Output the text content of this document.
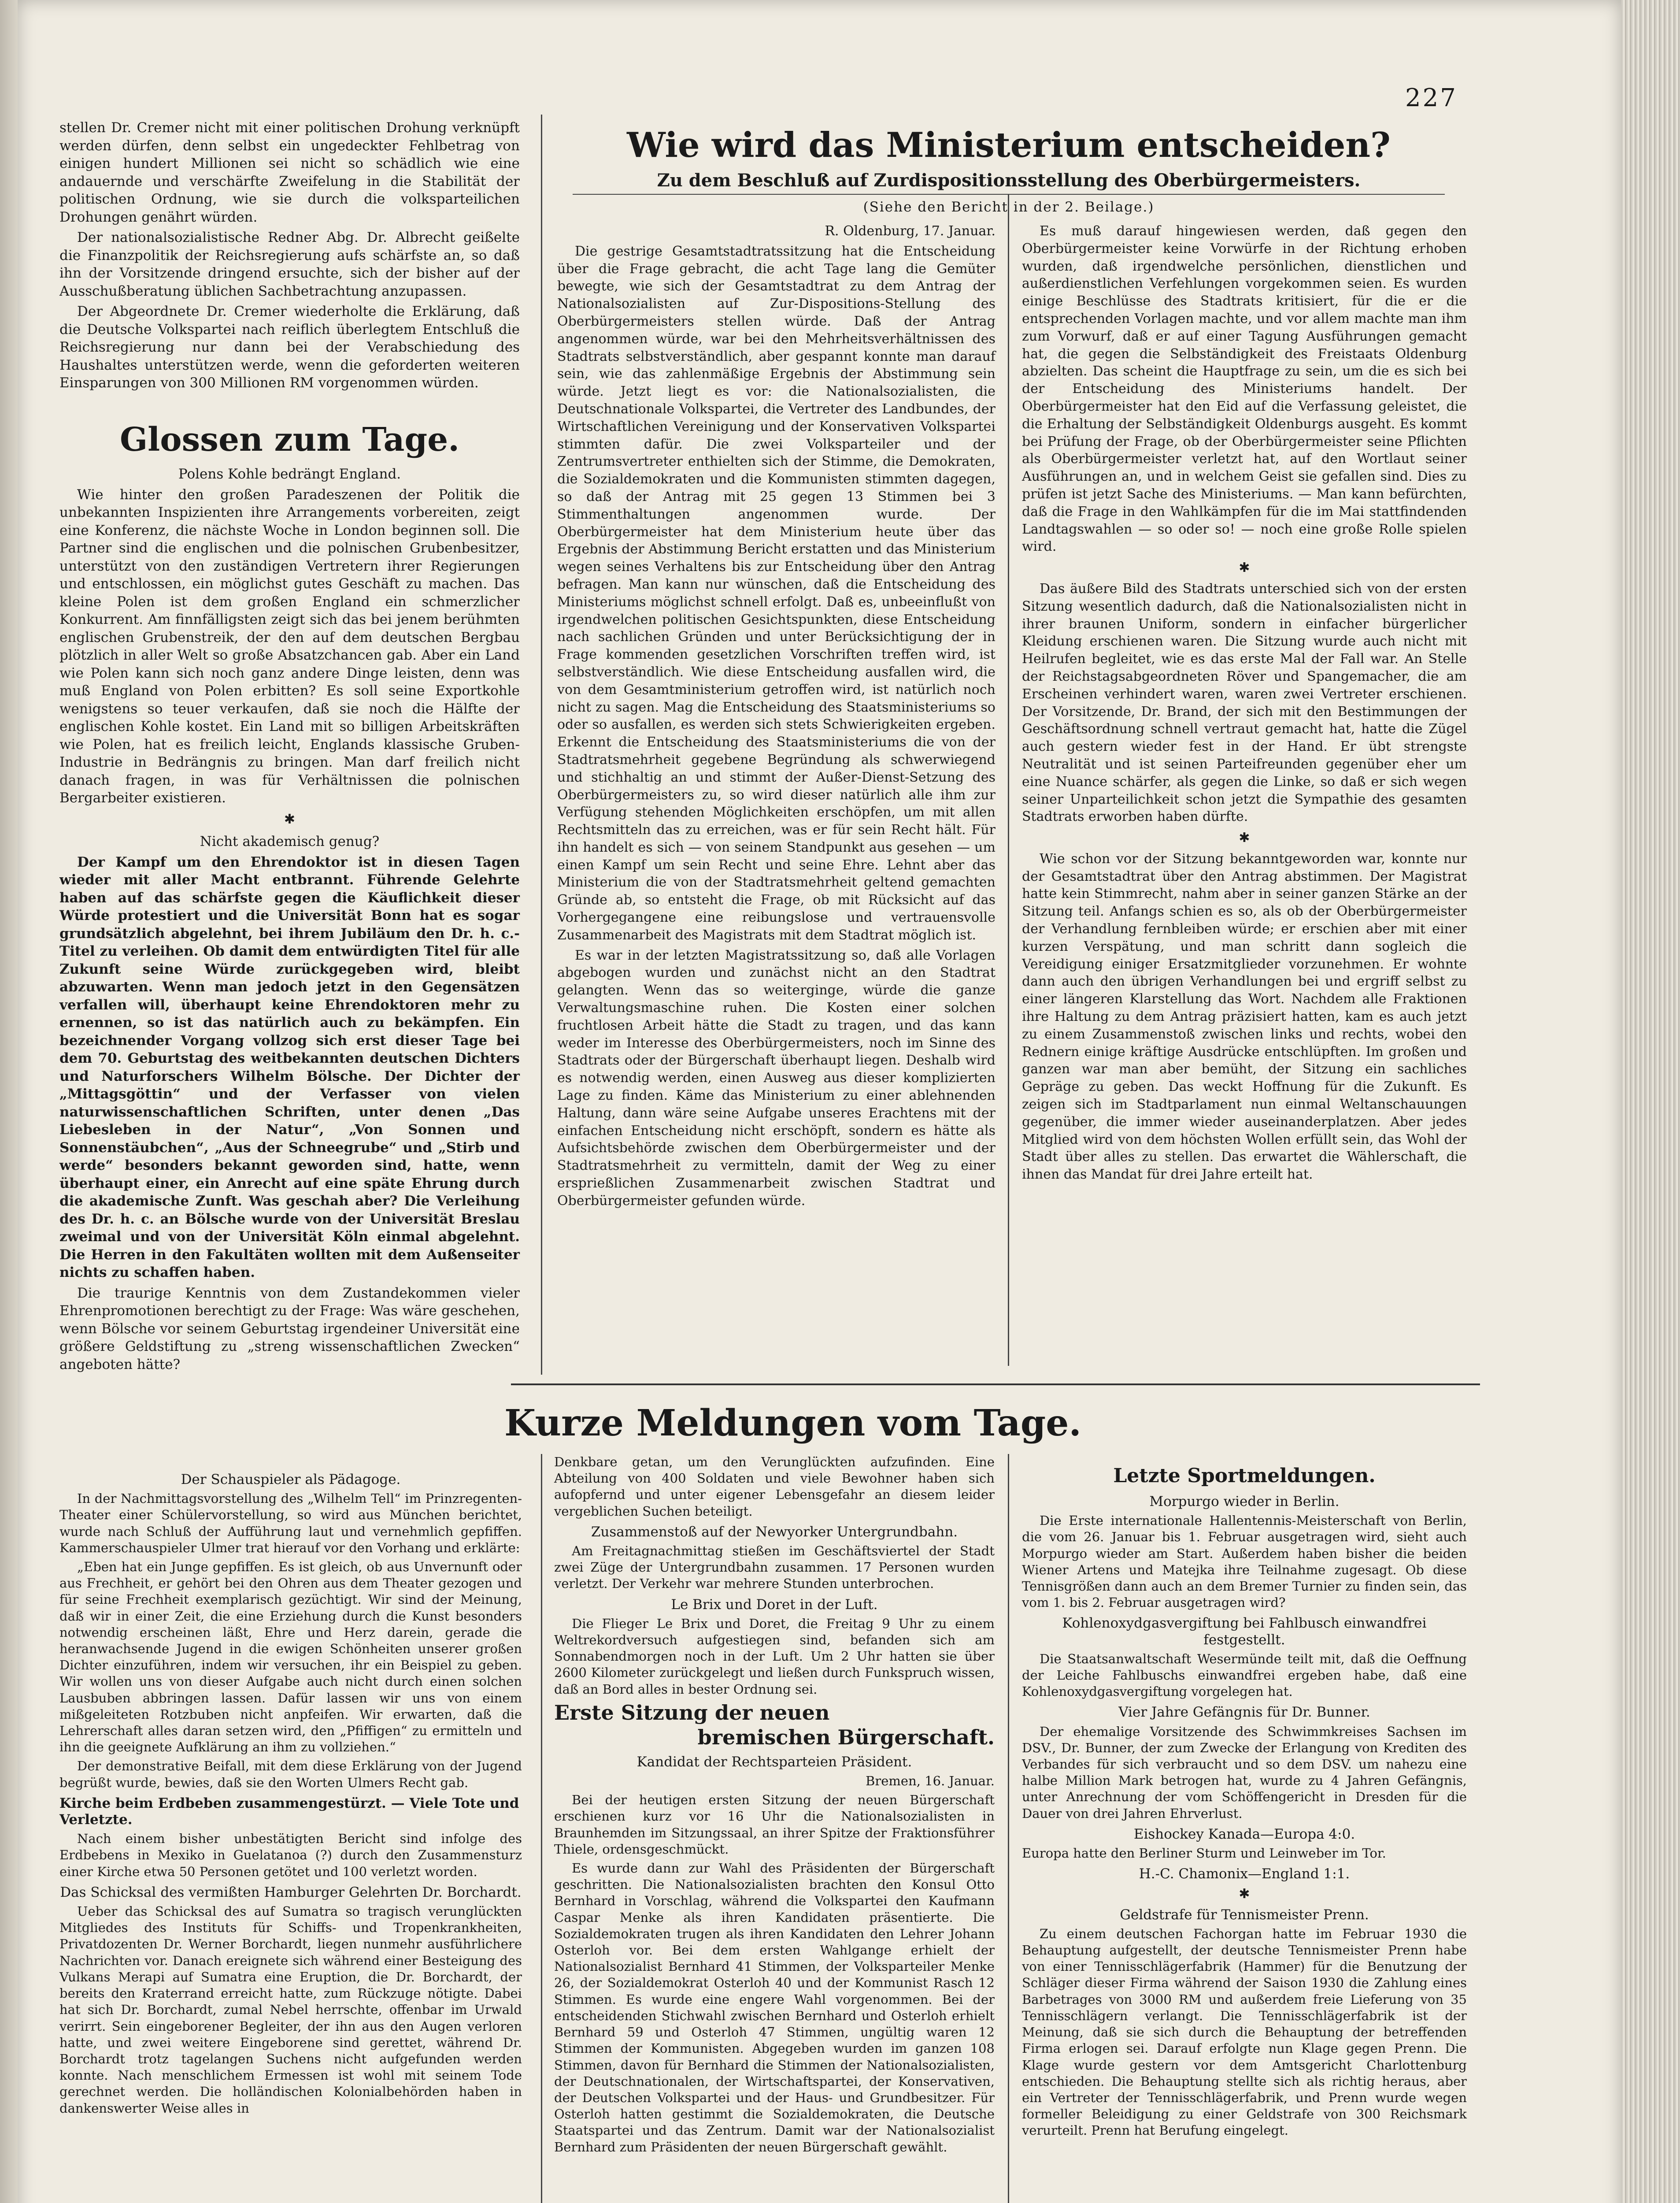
227

stellen Dr. Cremer nicht mit einer politischen Drohung verknüpft werden dürfen, denn selbst ein ungedeckter Fehlbetrag von einigen hundert Millionen sei nicht so schädlich wie eine andauernde und verschärfte Zweifelung in die Stabilität der politischen Ordnung, wie sie durch die volksparteilichen Drohungen genährt würden.

Der nationalsozialistische Redner Abg. Dr. Albrecht geißelte die Finanzpolitik der Reichsregierung aufs schärfste an, so daß ihn der Vorsitzende dringend ersuchte, sich der bisher auf der Ausschußberatung üblichen Sachbetrachtung anzupassen.

Der Abgeordnete Dr. Cremer wiederholte die Erklärung, daß die Deutsche Volkspartei nach reiflich überlegtem Entschluß die Reichsregierung nur dann bei der Verabschiedung des Haushaltes unterstützen werde, wenn die geforderten weiteren Einsparungen von 300 Millionen RM vorgenommen würden.

Glossen zum Tage.
Polens Kohle bedrängt England.

Wie hinter den großen Paradeszenen der Politik die unbekannten Inspizienten ihre Arrangements vorbereiten, zeigt eine Konferenz, die nächste Woche in London beginnen soll. Die Partner sind die englischen und die polnischen Grubenbesitzer, unterstützt von den zuständigen Vertretern ihrer Regierungen und entschlossen, ein möglichst gutes Geschäft zu machen. Das kleine Polen ist dem großen England ein schmerzlicher Konkurrent. Am finnfälligsten zeigt sich das bei jenem berühmten englischen Grubenstreik, der den auf dem deutschen Bergbau plötzlich in aller Welt so große Absatzchancen gab. Aber ein Land wie Polen kann sich noch ganz andere Dinge leisten, denn was muß England von Polen erbitten? Es soll seine Exportkohle wenigstens so teuer verkaufen, daß sie noch die Hälfte der englischen Kohle kostet. Ein Land mit so billigen Arbeitskräften wie Polen, hat es freilich leicht, Englands klassische Gruben-Industrie in Bedrängnis zu bringen. Man darf freilich nicht danach fragen, in was für Verhältnissen die polnischen Bergarbeiter existieren.

✱
Nicht akademisch genug?

Der Kampf um den Ehrendoktor ist in diesen Tagen wieder mit aller Macht entbrannt. Führende Gelehrte haben auf das schärfste gegen die Käuflichkeit dieser Würde protestiert und die Universität Bonn hat es sogar grundsätzlich abgelehnt, bei ihrem Jubiläum den Dr. h. c.-Titel zu verleihen. Ob damit dem entwürdigten Titel für alle Zukunft seine Würde zurückgegeben wird, bleibt abzuwarten. Wenn man jedoch jetzt in den Gegensätzen verfallen will, überhaupt keine Ehrendoktoren mehr zu ernennen, so ist das natürlich auch zu bekämpfen. Ein bezeichnender Vorgang vollzog sich erst dieser Tage bei dem 70. Geburtstag des weitbekannten deutschen Dichters und Naturforschers Wilhelm Bölsche. Der Dichter der „Mittagsgöttin“ und der Verfasser von vielen naturwissenschaftlichen Schriften, unter denen „Das Liebesleben in der Natur“, „Von Sonnen und Sonnenstäubchen“, „Aus der Schneegrube“ und „Stirb und werde“ besonders bekannt geworden sind, hatte, wenn überhaupt einer, ein Anrecht auf eine späte Ehrung durch die akademische Zunft. Was geschah aber? Die Verleihung des Dr. h. c. an Bölsche wurde von der Universität Breslau zweimal und von der Universität Köln einmal abgelehnt. Die Herren in den Fakultäten wollten mit dem Außenseiter nichts zu schaffen haben.

Die traurige Kenntnis von dem Zustandekommen vieler Ehrenpromotionen berechtigt zu der Frage: Was wäre geschehen, wenn Bölsche vor seinem Geburtstag irgendeiner Universität eine größere Geldstiftung zu „streng wissenschaftlichen Zwecken“ angeboten hätte?

Wie wird das Ministerium entscheiden?
Zu dem Beschluß auf Zurdispositionsstellung des Oberbürgermeisters.
(Siehe den Bericht in der 2. Beilage.)

R. Oldenburg, 17. Januar.

Die gestrige Gesamtstadtratssitzung hat die Entscheidung über die Frage gebracht, die acht Tage lang die Gemüter bewegte, wie sich der Gesamtstadtrat zu dem Antrag der Nationalsozialisten auf Zur-Dispositions-Stellung des Oberbürgermeisters stellen würde. Daß der Antrag angenommen würde, war bei den Mehrheitsverhältnissen des Stadtrats selbstverständlich, aber gespannt konnte man darauf sein, wie das zahlenmäßige Ergebnis der Abstimmung sein würde. Jetzt liegt es vor: die Nationalsozialisten, die Deutschnationale Volkspartei, die Vertreter des Landbundes, der Wirtschaftlichen Vereinigung und der Konservativen Volkspartei stimmten dafür. Die zwei Volksparteiler und der Zentrumsvertreter enthielten sich der Stimme, die Demokraten, die Sozialdemokraten und die Kommunisten stimmten dagegen, so daß der Antrag mit 25 gegen 13 Stimmen bei 3 Stimmenthaltungen angenommen wurde. Der Oberbürgermeister hat dem Ministerium heute über das Ergebnis der Abstimmung Bericht erstatten und das Ministerium wegen seines Verhaltens bis zur Entscheidung über den Antrag befragen. Man kann nur wünschen, daß die Entscheidung des Ministeriums möglichst schnell erfolgt. Daß es, unbeeinflußt von irgendwelchen politischen Gesichtspunkten, diese Entscheidung nach sachlichen Gründen und unter Berücksichtigung der in Frage kommenden gesetzlichen Vorschriften treffen wird, ist selbstverständlich. Wie diese Entscheidung ausfallen wird, die von dem Gesamtministerium getroffen wird, ist natürlich noch nicht zu sagen. Mag die Entscheidung des Staatsministeriums so oder so ausfallen, es werden sich stets Schwierigkeiten ergeben. Erkennt die Entscheidung des Staatsministeriums die von der Stadtratsmehrheit gegebene Begründung als schwerwiegend und stichhaltig an und stimmt der Außer-Dienst-Setzung des Oberbürgermeisters zu, so wird dieser natürlich alle ihm zur Verfügung stehenden Möglichkeiten erschöpfen, um mit allen Rechtsmitteln das zu erreichen, was er für sein Recht hält. Für ihn handelt es sich — von seinem Standpunkt aus gesehen — um einen Kampf um sein Recht und seine Ehre. Lehnt aber das Ministerium die von der Stadtratsmehrheit geltend gemachten Gründe ab, so entsteht die Frage, ob mit Rücksicht auf das Vorhergegangene eine reibungslose und vertrauensvolle Zusammenarbeit des Magistrats mit dem Stadtrat möglich ist.

Es war in der letzten Magistratssitzung so, daß alle Vorlagen abgebogen wurden und zunächst nicht an den Stadtrat gelangten. Wenn das so weitergingе, würde die ganze Verwaltungsmaschine ruhen. Die Kosten einer solchen fruchtlosen Arbeit hätte die Stadt zu tragen, und das kann weder im Interesse des Oberbürgermeisters, noch im Sinne des Stadtrats oder der Bürgerschaft überhaupt liegen. Deshalb wird es notwendig werden, einen Ausweg aus dieser komplizierten Lage zu finden. Käme das Ministerium zu einer ablehnenden Haltung, dann wäre seine Aufgabe unseres Erachtens mit der einfachen Entscheidung nicht erschöpft, sondern es hätte als Aufsichtsbehörde zwischen dem Oberbürgermeister und der Stadtratsmehrheit zu vermitteln, damit der Weg zu einer ersprießlichen Zusammenarbeit zwischen Stadtrat und Oberbürgermeister gefunden würde.

Es muß darauf hingewiesen werden, daß gegen den Oberbürgermeister keine Vorwürfe in der Richtung erhoben wurden, daß irgendwelche persönlichen, dienstlichen und außerdienstlichen Verfehlungen vorgekommen seien. Es wurden einige Beschlüsse des Stadtrats kritisiert, für die er die entsprechenden Vorlagen machte, und vor allem machte man ihm zum Vorwurf, daß er auf einer Tagung Ausführungen gemacht hat, die gegen die Selbständigkeit des Freistaats Oldenburg abzielten. Das scheint die Hauptfrage zu sein, um die es sich bei der Entscheidung des Ministeriums handelt. Der Oberbürgermeister hat den Eid auf die Verfassung geleistet, die die Erhaltung der Selbständigkeit Oldenburgs ausgeht. Es kommt bei Prüfung der Frage, ob der Oberbürgermeister seine Pflichten als Oberbürgermeister verletzt hat, auf den Wortlaut seiner Ausführungen an, und in welchem Geist sie gefallen sind. Dies zu prüfen ist jetzt Sache des Ministeriums. — Man kann befürchten, daß die Frage in den Wahlkämpfen für die im Mai stattfindenden Landtagswahlen — so oder so! — noch eine große Rolle spielen wird.

✱

Das äußere Bild des Stadtrats unterschied sich von der ersten Sitzung wesentlich dadurch, daß die Nationalsozialisten nicht in ihrer braunen Uniform, sondern in einfacher bürgerlicher Kleidung erschienen waren. Die Sitzung wurde auch nicht mit Heilrufen begleitet, wie es das erste Mal der Fall war. An Stelle der Reichstagsabgeordneten Röver und Spangemacher, die am Erscheinen verhindert waren, waren zwei Vertreter erschienen. Der Vorsitzende, Dr. Brand, der sich mit den Bestimmungen der Geschäftsordnung schnell vertraut gemacht hat, hatte die Zügel auch gestern wieder fest in der Hand. Er übt strengste Neutralität und ist seinen Parteifreunden gegenüber eher um eine Nuance schärfer, als gegen die Linke, so daß er sich wegen seiner Unparteilichkeit schon jetzt die Sympathie des gesamten Stadtrats erworben haben dürfte.

✱

Wie schon vor der Sitzung bekanntgeworden war, konnte nur der Gesamtstadtrat über den Antrag abstimmen. Der Magistrat hatte kein Stimmrecht, nahm aber in seiner ganzen Stärke an der Sitzung teil. Anfangs schien es so, als ob der Oberbürgermeister der Verhandlung fernbleiben würde; er erschien aber mit einer kurzen Verspätung, und man schritt dann sogleich die Vereidigung einiger Ersatzmitglieder vorzunehmen. Er wohnte dann auch den übrigen Verhandlungen bei und ergriff selbst zu einer längeren Klarstellung das Wort. Nachdem alle Fraktionen ihre Haltung zu dem Antrag präzisiert hatten, kam es auch jetzt zu einem Zusammenstoß zwischen links und rechts, wobei den Rednern einige kräftige Ausdrücke entschlüpften. Im großen und ganzen war man aber bemüht, der Sitzung ein sachliches Gepräge zu geben. Das weckt Hoffnung für die Zukunft. Es zeigen sich im Stadtparlament nun einmal Weltanschauungen gegenüber, die immer wieder auseinanderplatzen. Aber jedes Mitglied wird von dem höchsten Wollen erfüllt sein, das Wohl der Stadt über alles zu stellen. Das erwartet die Wählerschaft, die ihnen das Mandat für drei Jahre erteilt hat.

Kurze Meldungen vom Tage.
Der Schauspieler als Pädagoge.

In der Nachmittagsvorstellung des „Wilhelm Tell“ im Prinzregenten-Theater einer Schülervorstellung, so wird aus München berichtet, wurde nach Schluß der Aufführung laut und vernehmlich gepfiffen. Kammerschauspieler Ulmer trat hierauf vor den Vorhang und erklärte:

„Eben hat ein Junge gepfiffen. Es ist gleich, ob aus Unvernunft oder aus Frechheit, er gehört bei den Ohren aus dem Theater gezogen und für seine Frechheit exemplarisch gezüchtigt. Wir sind der Meinung, daß wir in einer Zeit, die eine Erziehung durch die Kunst besonders notwendig erscheinen läßt, Ehre und Herz darein, gerade die heranwachsende Jugend in die ewigen Schönheiten unserer großen Dichter einzuführen, indem wir versuchen, ihr ein Beispiel zu geben. Wir wollen uns von dieser Aufgabe auch nicht durch einen solchen Lausbuben abbringen lassen. Dafür lassen wir uns von einem mißgeleiteten Rotzbuben nicht anpfeifen. Wir erwarten, daß die Lehrerschaft alles daran setzen wird, den „Pfiffigen“ zu ermitteln und ihn die geeignete Aufklärung an ihm zu vollziehen.“

Der demonstrative Beifall, mit dem diese Erklärung von der Jugend begrüßt wurde, bewies, daß sie den Worten Ulmers Recht gab.

Kirche beim Erdbeben zusammengestürzt. — Viele Tote und Verletzte.

Nach einem bisher unbestätigten Bericht sind infolge des Erdbebens in Mexiko in Guelatanoa (?) durch den Zusammensturz einer Kirche etwa 50 Personen getötet und 100 verletzt worden.

Das Schicksal des vermißten Hamburger Gelehrten Dr. Borchardt.

Ueber das Schicksal des auf Sumatra so tragisch verunglückten Mitgliedes des Instituts für Schiffs- und Tropenkrankheiten, Privatdozenten Dr. Werner Borchardt, liegen nunmehr ausführlichere Nachrichten vor. Danach ereignete sich während einer Besteigung des Vulkans Merapi auf Sumatra eine Eruption, die Dr. Borchardt, der bereits den Kraterrand erreicht hatte, zum Rückzuge nötigte. Dabei hat sich Dr. Borchardt, zumal Nebel herrschte, offenbar im Urwald verirrt. Sein eingeborener Begleiter, der ihn aus den Augen verloren hatte, und zwei weitere Eingeborene sind gerettet, während Dr. Borchardt trotz tagelangen Suchens nicht aufgefunden werden konnte. Nach menschlichem Ermessen ist wohl mit seinem Tode gerechnet werden. Die holländischen Kolonialbehörden haben in dankenswerter Weise alles in

Denkbare getan, um den Verunglückten aufzufinden. Eine Abteilung von 400 Soldaten und viele Bewohner haben sich aufopfernd und unter eigener Lebensgefahr an diesem leider vergeblichen Suchen beteiligt.

Zusammenstoß auf der Newyorker Untergrundbahn.

Am Freitagnachmittag stießen im Geschäftsviertel der Stadt zwei Züge der Untergrundbahn zusammen. 17 Personen wurden verletzt. Der Verkehr war mehrere Stunden unterbrochen.

Le Brix und Doret in der Luft.

Die Flieger Le Brix und Doret, die Freitag 9 Uhr zu einem Weltrekordversuch aufgestiegen sind, befanden sich am Sonnabendmorgen noch in der Luft. Um 2 Uhr hatten sie über 2600 Kilometer zurückgelegt und ließen durch Funkspruch wissen, daß an Bord alles in bester Ordnung sei.

Erste Sitzung der neuen
bremischen Bürgerschaft.
Kandidat der Rechtsparteien Präsident.

Bremen, 16. Januar.

Bei der heutigen ersten Sitzung der neuen Bürgerschaft erschienen kurz vor 16 Uhr die Nationalsozialisten in Braunhemden im Sitzungssaal, an ihrer Spitze der Fraktionsführer Thiele, ordensgeschmückt.

Es wurde dann zur Wahl des Präsidenten der Bürgerschaft geschritten. Die Nationalsozialisten brachten den Konsul Otto Bernhard in Vorschlag, während die Volkspartei den Kaufmann Caspar Menke als ihren Kandidaten präsentierte. Die Sozialdemokraten trugen als ihren Kandidaten den Lehrer Johann Osterloh vor. Bei dem ersten Wahlgange erhielt der Nationalsozialist Bernhard 41 Stimmen, der Volksparteiler Menke 26, der Sozialdemokrat Osterloh 40 und der Kommunist Rasch 12 Stimmen. Es wurde eine engere Wahl vorgenommen. Bei der entscheidenden Stichwahl zwischen Bernhard und Osterloh erhielt Bernhard 59 und Osterloh 47 Stimmen, ungültig waren 12 Stimmen der Kommunisten. Abgegeben wurden im ganzen 108 Stimmen, davon für Bernhard die Stimmen der Nationalsozialisten, der Deutschnationalen, der Wirtschaftspartei, der Konservativen, der Deutschen Volkspartei und der Haus- und Grundbesitzer. Für Osterloh hatten gestimmt die Sozialdemokraten, die Deutsche Staatspartei und das Zentrum. Damit war der Nationalsozialist Bernhard zum Präsidenten der neuen Bürgerschaft gewählt.

Letzte Sportmeldungen.
Morpurgo wieder in Berlin.

Die Erste internationale Hallentennis-Meisterschaft von Berlin, die vom 26. Januar bis 1. Februar ausgetragen wird, sieht auch Morpurgo wieder am Start. Außerdem haben bisher die beiden Wiener Artens und Matejka ihre Teilnahme zugesagt. Ob diese Tennisgrößen dann auch an dem Bremer Turnier zu finden sein, das vom 1. bis 2. Februar ausgetragen wird?

Kohlenoxydgasvergiftung bei Fahlbusch einwandfrei festgestellt.

Die Staatsanwaltschaft Wesermünde teilt mit, daß die Oeffnung der Leiche Fahlbuschs einwandfrei ergeben habe, daß eine Kohlenoxydgasvergiftung vorgelegen hat.

Vier Jahre Gefängnis für Dr. Bunner.

Der ehemalige Vorsitzende des Schwimmkreises Sachsen im DSV., Dr. Bunner, der zum Zwecke der Erlangung von Krediten des Verbandes für sich verbraucht und so dem DSV. um nahezu eine halbe Million Mark betrogen hat, wurde zu 4 Jahren Gefängnis, unter Anrechnung der vom Schöffengericht in Dresden für die Dauer von drei Jahren Ehrverlust.

Eishockey Kanada—Europa 4:0.

Europa hatte den Berliner Sturm und Leinweber im Tor.

H.-C. Chamonix—England 1:1.
✱
Geldstrafe für Tennismeister Prenn.

Zu einem deutschen Fachorgan hatte im Februar 1930 die Behauptung aufgestellt, der deutsche Tennismeister Prenn habe von einer Tennisschlägerfabrik (Hammer) für die Benutzung der Schläger dieser Firma während der Saison 1930 die Zahlung eines Barbetrages von 3000 RM und außerdem freie Lieferung von 35 Tennisschlägern verlangt. Die Tennisschlägerfabrik ist der Meinung, daß sie sich durch die Behauptung der betreffenden Firma erlogen sei. Darauf erfolgte nun Klage gegen Prenn. Die Klage wurde gestern vor dem Amtsgericht Charlottenburg entschieden. Die Behauptung stellte sich als richtig heraus, aber ein Vertreter der Tennisschlägerfabrik, und Prenn wurde wegen formeller Beleidigung zu einer Geldstrafe von 300 Reichsmark verurteilt. Prenn hat Berufung eingelegt.
